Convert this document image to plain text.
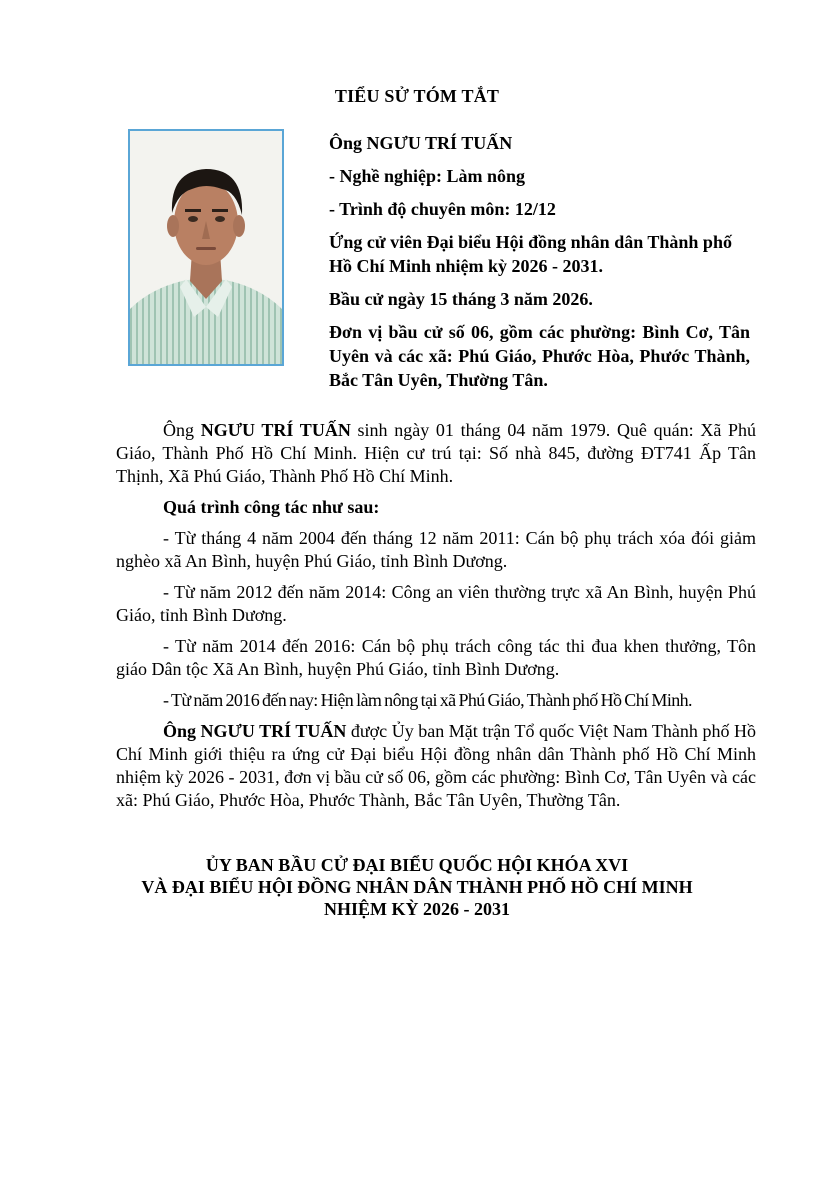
TIỂU SỬ TÓM TẮT

Ông NGƯU TRÍ TUẤN

- Nghề nghiệp: Làm nông

- Trình độ chuyên môn: 12/12

Ứng cử viên Đại biểu Hội đồng nhân dân Thành phố Hồ Chí Minh nhiệm kỳ 2026 - 2031.

Bầu cử ngày 15 tháng 3 năm 2026.

Đơn vị bầu cử số 06, gồm các phường: Bình Cơ, Tân Uyên và các xã: Phú Giáo, Phước Hòa, Phước Thành, Bắc Tân Uyên, Thường Tân.

Ông NGƯU TRÍ TUẤN sinh ngày 01 tháng 04 năm 1979. Quê quán: Xã Phú Giáo, Thành Phố Hồ Chí Minh. Hiện cư trú tại: Số nhà 845, đường ĐT741 Ấp Tân Thịnh, Xã Phú Giáo, Thành Phố Hồ Chí Minh.

Quá trình công tác như sau:

- Từ tháng 4 năm 2004 đến tháng 12 năm 2011: Cán bộ phụ trách xóa đói giảm nghèo xã An Bình, huyện Phú Giáo, tỉnh Bình Dương.

- Từ năm 2012 đến năm 2014: Công an viên thường trực xã An Bình, huyện Phú Giáo, tỉnh Bình Dương.

- Từ năm 2014 đến 2016: Cán bộ phụ trách công tác thi đua khen thưởng, Tôn giáo Dân tộc Xã An Bình, huyện Phú Giáo, tỉnh Bình Dương.

- Từ năm 2016 đến nay: Hiện làm nông tại xã Phú Giáo, Thành phố Hồ Chí Minh.

Ông NGƯU TRÍ TUẤN được Ủy ban Mặt trận Tổ quốc Việt Nam Thành phố Hồ Chí Minh giới thiệu ra ứng cử Đại biểu Hội đồng nhân dân Thành phố Hồ Chí Minh nhiệm kỳ 2026 - 2031, đơn vị bầu cử số 06, gồm các phường: Bình Cơ, Tân Uyên và các xã: Phú Giáo, Phước Hòa, Phước Thành, Bắc Tân Uyên, Thường Tân.

ỦY BAN BẦU CỬ ĐẠI BIỂU QUỐC HỘI KHÓA XVI
VÀ ĐẠI BIỂU HỘI ĐỒNG NHÂN DÂN THÀNH PHỐ HỒ CHÍ MINH
NHIỆM KỲ 2026 - 2031
